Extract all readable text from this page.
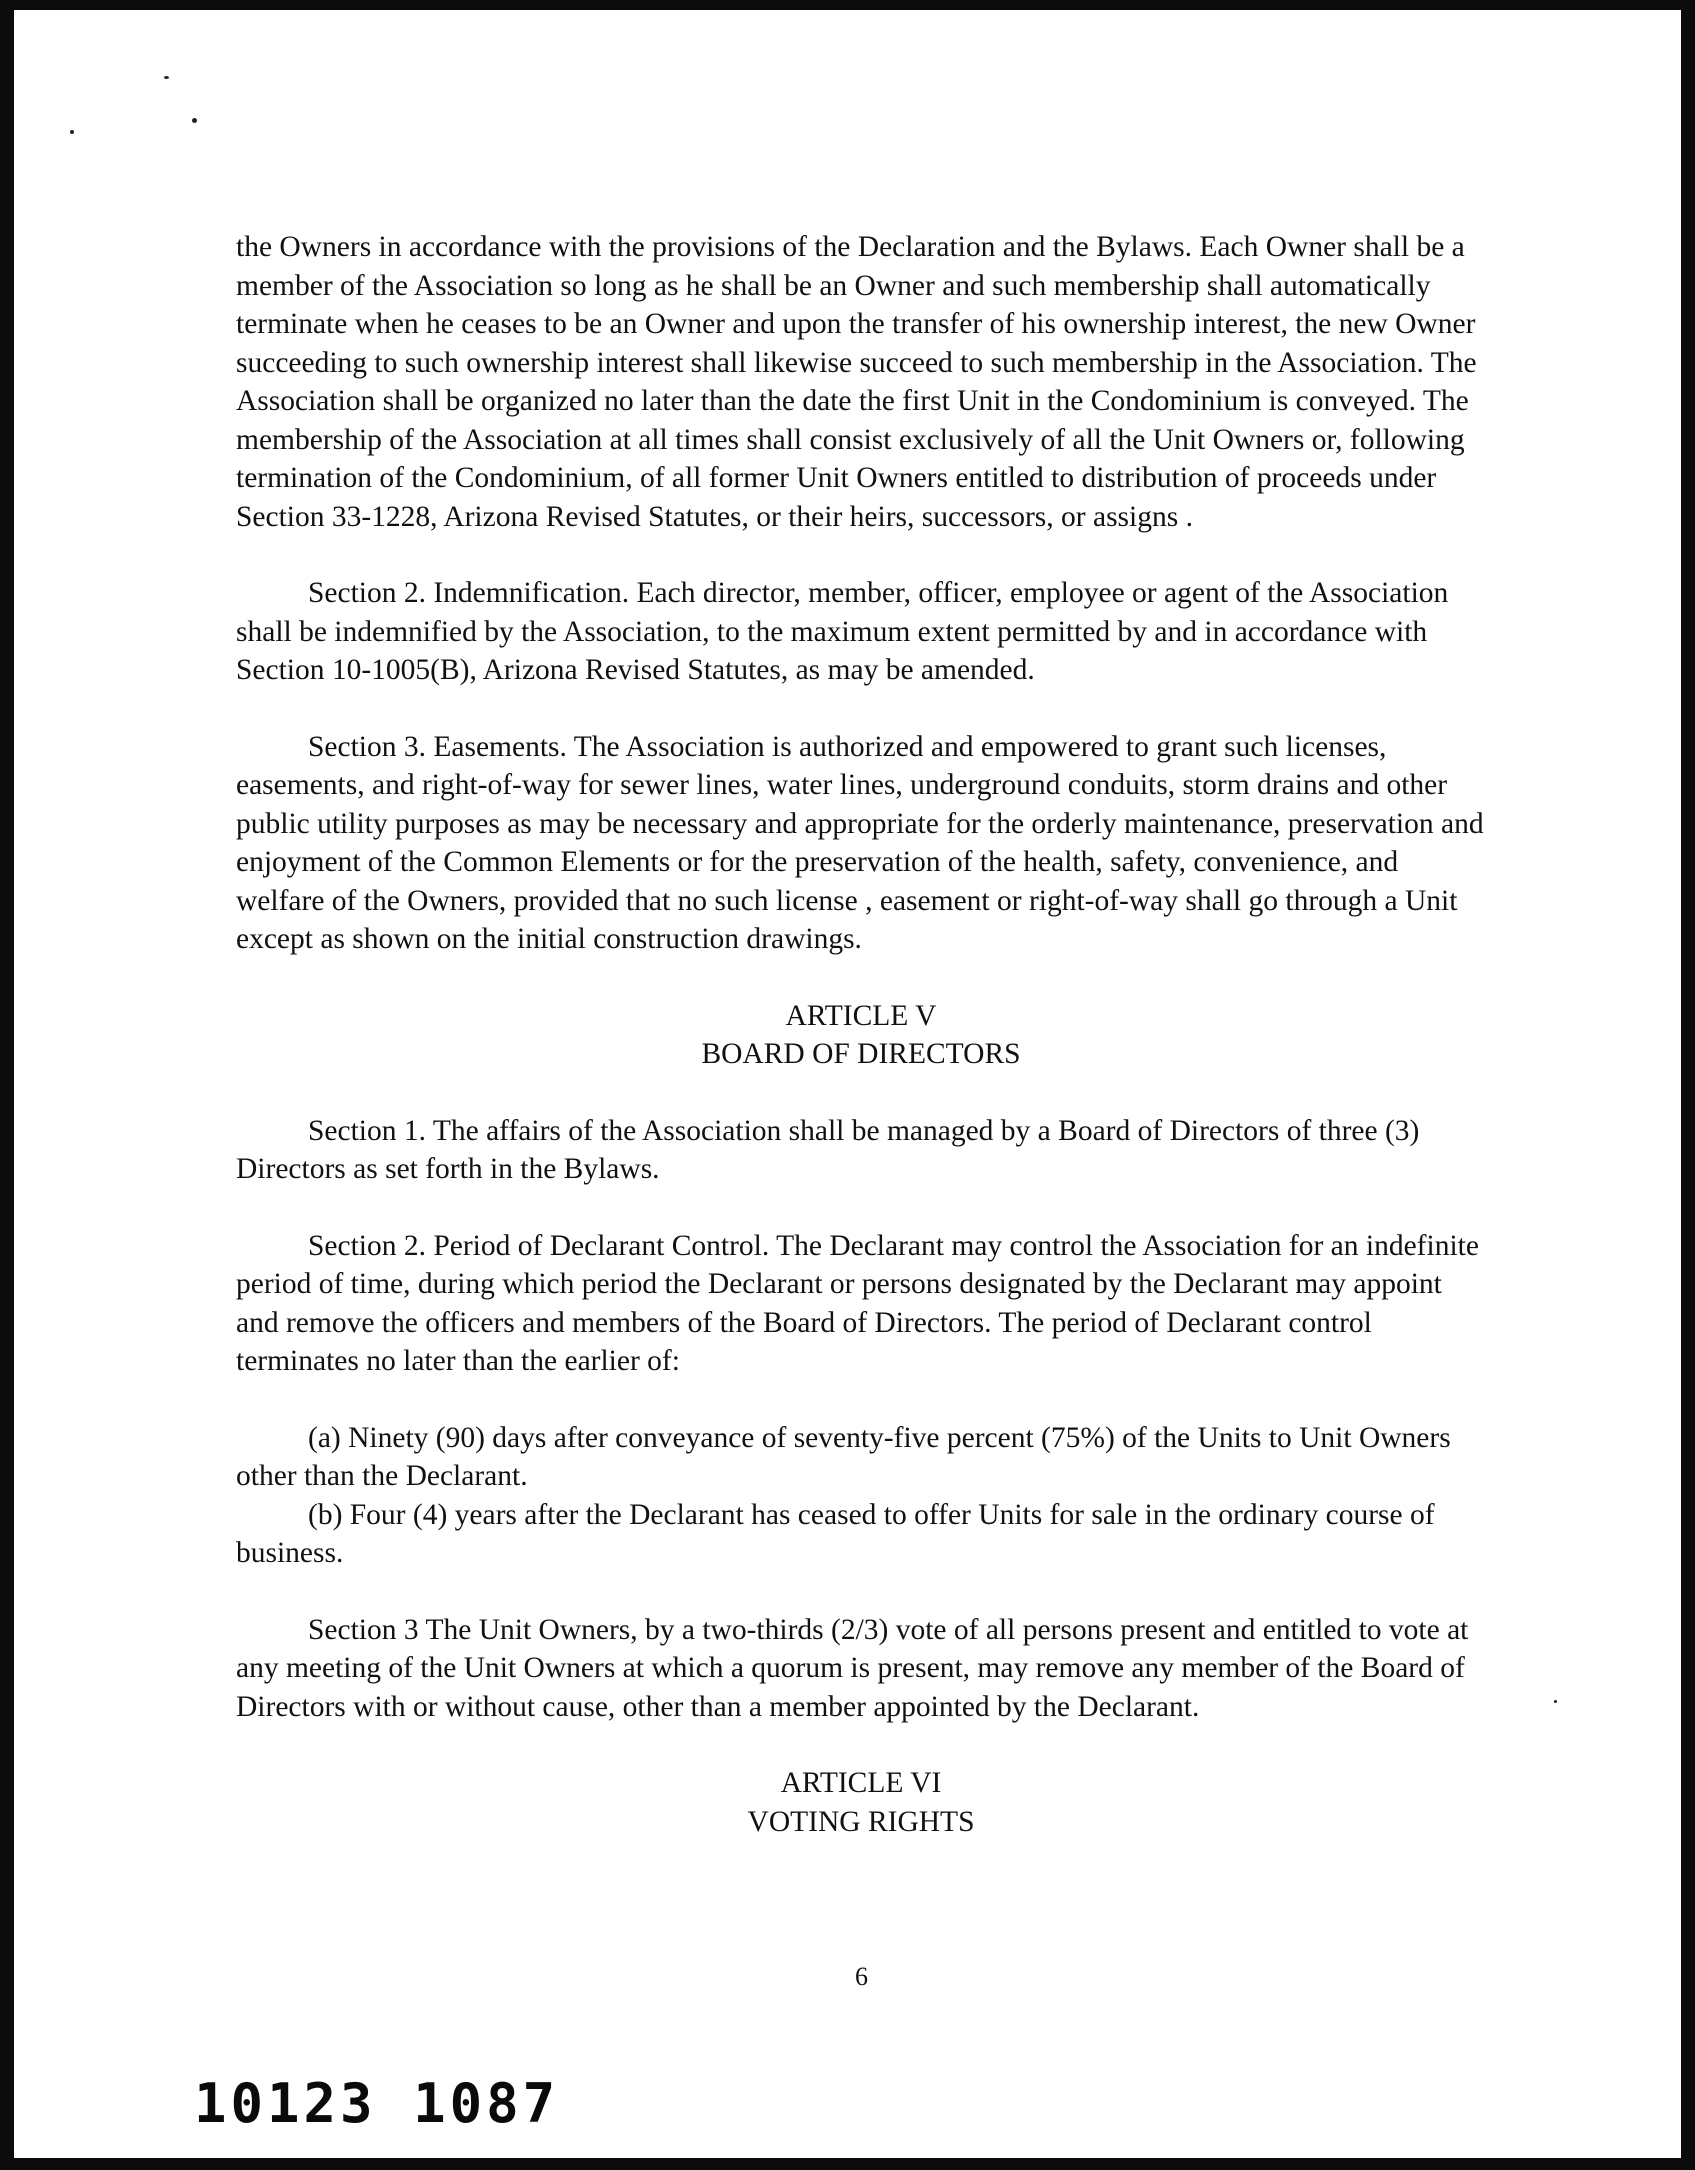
the Owners in accordance with the provisions of the Declaration and the Bylaws. Each Owner shall be a member of the Association so long as he shall be an Owner and such membership shall automatically terminate when he ceases to be an Owner and upon the transfer of his ownership interest, the new Owner succeeding to such ownership interest shall likewise succeed to such membership in the Association. The Association shall be organized no later than the date the first Unit in the Condominium is conveyed. The membership of the Association at all times shall consist exclusively of all the Unit Owners or, following termination of the Condominium, of all former Unit Owners entitled to distribution of proceeds under Section 33-1228, Arizona Revised Statutes, or their heirs, successors, or assigns .

Section 2. Indemnification. Each director, member, officer, employee or agent of the Association shall be indemnified by the Association, to the maximum extent permitted by and in accordance with Section 10-1005(B), Arizona Revised Statutes, as may be amended.

Section 3. Easements. The Association is authorized and empowered to grant such licenses, easements, and right-of-way for sewer lines, water lines, underground conduits, storm drains and other public utility purposes as may be necessary and appropriate for the orderly maintenance, preservation and enjoyment of the Common Elements or for the preservation of the health, safety, convenience, and welfare of the Owners, provided that no such license , easement or right-of-way shall go through a Unit except as shown on the initial construction drawings.

ARTICLE V

BOARD OF DIRECTORS

Section 1. The affairs of the Association shall be managed by a Board of Directors of three (3) Directors as set forth in the Bylaws.

Section 2. Period of Declarant Control. The Declarant may control the Association for an indefinite period of time, during which period the Declarant or persons designated by the Declarant may appoint and remove the officers and members of the Board of Directors. The period of Declarant control terminates no later than the earlier of:

(a) Ninety (90) days after conveyance of seventy-five percent (75%) of the Units to Unit Owners other than the Declarant.

(b) Four (4) years after the Declarant has ceased to offer Units for sale in the ordinary course of business.

Section 3 The Unit Owners, by a two-thirds (2/3) vote of all persons present and entitled to vote at any meeting of the Unit Owners at which a quorum is present, may remove any member of the Board of Directors with or without cause, other than a member appointed by the Declarant.

ARTICLE VI

VOTING RIGHTS

6
10123 1087
